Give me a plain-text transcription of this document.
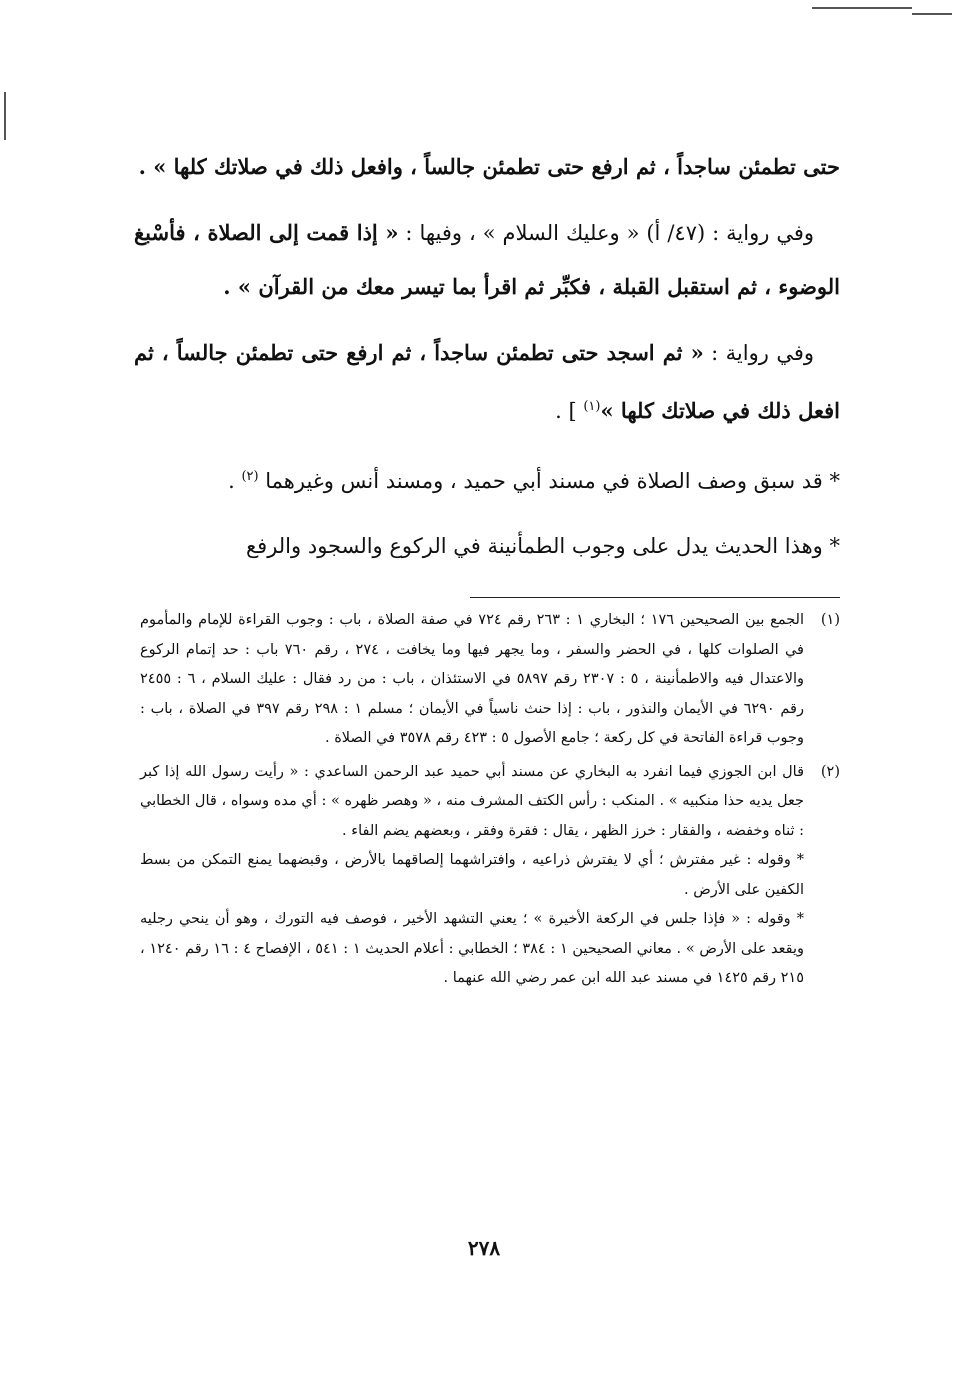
حتى تطمئن ساجداً ، ثم ارفع حتى تطمئن جالساً ، وافعل ذلك في صلاتك كلها » .

وفي رواية : (٤٧/ أ) « وعليك السلام » ، وفيها : « إذا قمت إلى الصلاة ، فأسْبغ الوضوء ، ثم استقبل القبلة ، فكبِّر ثم اقرأ بما تيسر معك من القرآن » .

وفي رواية : « ثم اسجد حتى تطمئن ساجداً ، ثم ارفع حتى تطمئن جالساً ، ثم افعل ذلك في صلاتك كلها »$^{(١)}$ ] .

* قد سبق وصف الصلاة في مسند أبي حميد ، ومسند أنس وغيرهما $^{(٢)}$ .

* وهذا الحديث يدل على وجوب الطمأنينة في الركوع والسجود والرفع

(١)

الجمع بين الصحيحين ١٧٦ ؛ البخاري ١ : ٢٦٣ رقم ٧٢٤ في صفة الصلاة ، باب : وجوب القراءة للإمام والمأموم في الصلوات كلها ، في الحضر والسفر ، وما يجهر فيها وما يخافت ، ٢٧٤ ، رقم ٧٦٠ باب : حد إتمام الركوع والاعتدال فيه والاطمأنينة ، ٥ : ٢٣٠٧ رقم ٥٨٩٧ في الاستئذان ، باب : من رد فقال : عليك السلام ، ٦ : ٢٤٥٥ رقم ٦٢٩٠ في الأيمان والنذور ، باب : إذا حنث ناسياً في الأيمان ؛ مسلم ١ : ٢٩٨ رقم ٣٩٧ في الصلاة ، باب : وجوب قراءة الفاتحة في كل ركعة ؛ جامع الأصول ٥ : ٤٢٣ رقم ٣٥٧٨ في الصلاة .

(٢)

قال ابن الجوزي فيما انفرد به البخاري عن مسند أبي حميد عبد الرحمن الساعدي : « رأيت رسول الله إذا كبر جعل يديه حذا منكبيه » . المنكب : رأس الكتف المشرف منه ، « وهصر ظهره » : أي مده وسواه ، قال الخطابي : ثناه وخفضه ، والفقار : خرز الظهر ، يقال : فقرة وفقر ، وبعضهم يضم الفاء .

* وقوله : غير مفترش ؛ أي لا يفترش ذراعيه ، وافتراشهما إلصاقهما بالأرض ، وقبضهما يمنع التمكن من بسط الكفين على الأرض .

* وقوله : « فإذا جلس في الركعة الأخيرة » ؛ يعني التشهد الأخير ، فوصف فيه التورك ، وهو أن ينحي رجليه ويقعد على الأرض » . معاني الصحيحين ١ : ٣٨٤ ؛ الخطابي : أعلام الحديث ١ : ٥٤١ ، الإفصاح ٤ : ١٦ رقم ١٢٤٠ ، ٢١٥ رقم ١٤٢٥ في مسند عبد الله ابن عمر رضي الله عنهما .

٢٧٨
